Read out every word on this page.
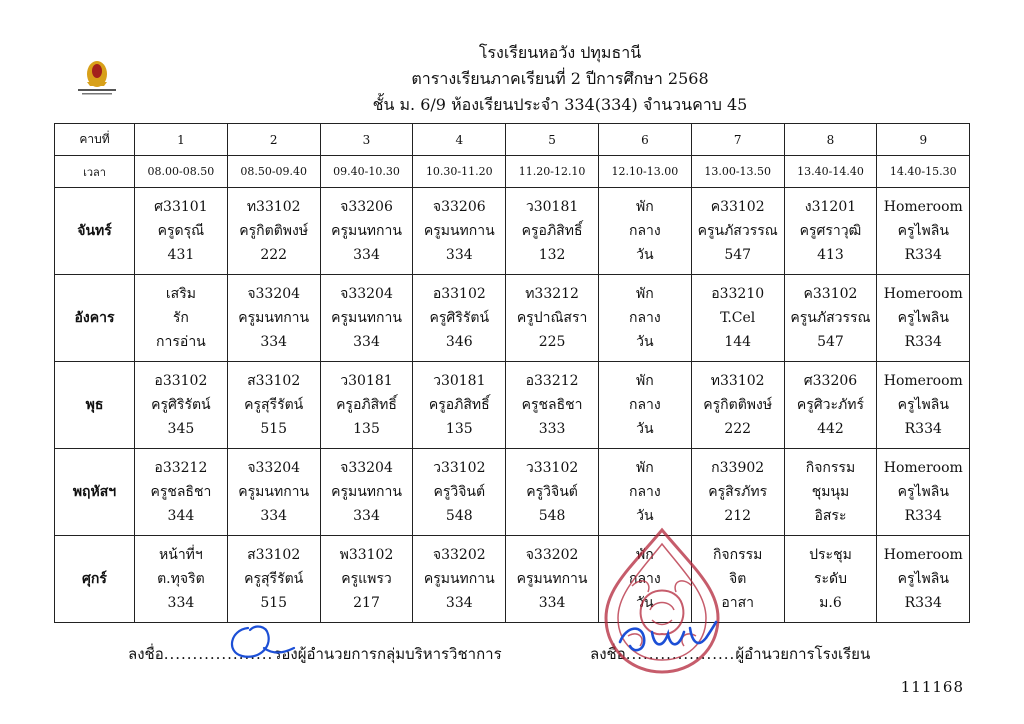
โรงเรียนหอวัง ปทุมธานี
ตารางเรียนภาคเรียนที่ 2 ปีการศึกษา 2568
ชั้น ม. 6/9 ห้องเรียนประจำ 334(334) จำนวนคาบ 45
คาบที่	1	2	3	4	5	6	7	8	9
เวลา	08.00-08.50	08.50-09.40	09.40-10.30	10.30-11.20	11.20-12.10	12.10-13.00	13.00-13.50	13.40-14.40	14.40-15.30
จันทร์	ศ33101
ครูดรุณี
431	ท33102
ครูกิตติพงษ์
222	จ33206
ครูมนทกาน
334	จ33206
ครูมนทกาน
334	ว30181
ครูอภิสิทธิ์
132	พัก
กลาง
วัน	ค33102
ครูนภัสวรรณ
547	ง31201
ครูศราวุฒิ
413	Homeroom
ครูไพลิน
R334

อังคาร	เสริม
รัก
การอ่าน	จ33204
ครูมนทกาน
334	จ33204
ครูมนทกาน
334	อ33102
ครูศิริรัตน์
346	ท33212
ครูปาณิสรา
225	พัก
กลาง
วัน	อ33210
T.Cel
144	ค33102
ครูนภัสวรรณ
547	Homeroom
ครูไพลิน
R334

พุธ	อ33102
ครูศิริรัตน์
345	ส33102
ครูสุรีรัตน์
515	ว30181
ครูอภิสิทธิ์
135	ว30181
ครูอภิสิทธิ์
135	อ33212
ครูชลธิชา
333	พัก
กลาง
วัน	ท33102
ครูกิตติพงษ์
222	ศ33206
ครูศิวะภัทร์
442	Homeroom
ครูไพลิน
R334

พฤหัสฯ	อ33212
ครูชลธิชา
344	จ33204
ครูมนทกาน
334	จ33204
ครูมนทกาน
334	ว33102
ครูวิจินต์
548	ว33102
ครูวิจินต์
548	พัก
กลาง
วัน	ก33902
ครูสิรภัทร
212	กิจกรรม
ชุมนุม
อิสระ	Homeroom
ครูไพลิน
R334

ศุกร์	หน้าที่ฯ
ต.ทุจริต
334	ส33102
ครูสุรีรัตน์
515	พ33102
ครูแพรว
217	จ33202
ครูมนทกาน
334	จ33202
ครูมนทกาน
334	พัก
กลาง
วัน	กิจกรรม
จิต
อาสา	ประชุม
ระดับ
ม.6	Homeroom
ครูไพลิน
R334
ลงชื่อ...................รองผู้อำนวยการกลุ่มบริหารวิชาการ	ลงชื่อ...................ผู้อำนวยการโรงเรียน
111168
